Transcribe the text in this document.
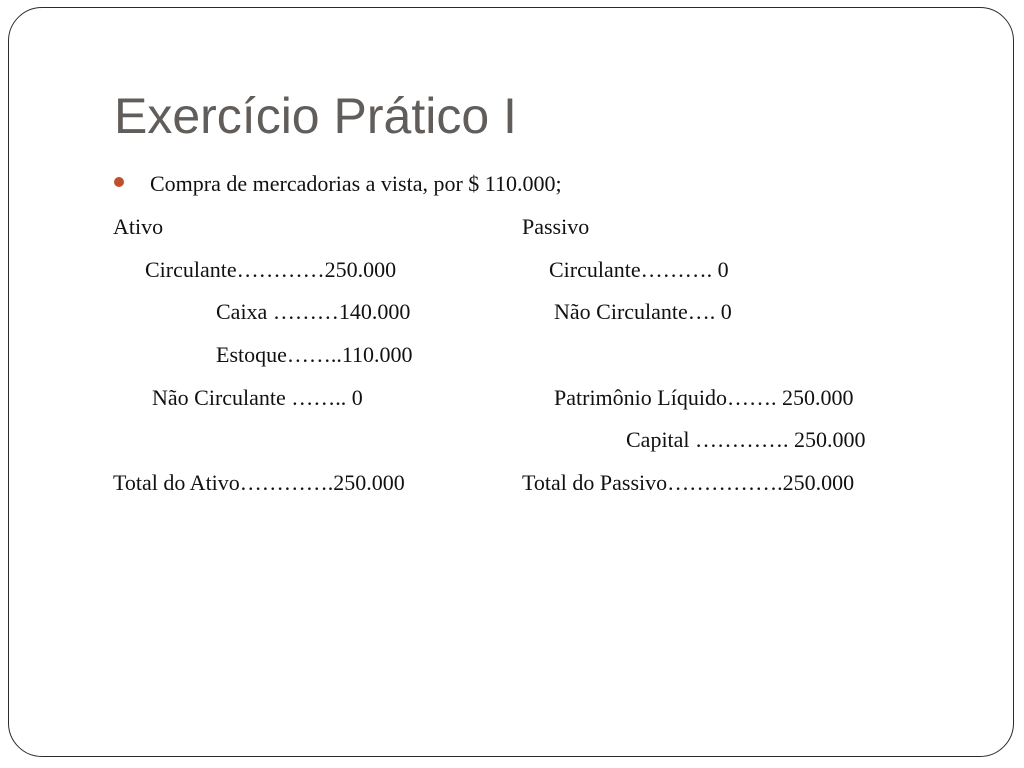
Exercício Prático I
Compra de mercadorias a vista, por $ 110.000;
Ativo
Circulante…………250.000
Caixa ………140.000
Estoque……..110.000
Não Circulante …….. 0
Total do Ativo………….250.000
Passivo
Circulante………. 0
Não Circulante…. 0
Patrimônio Líquido……. 250.000
Capital …………. 250.000
Total do Passivo…………….250.000
